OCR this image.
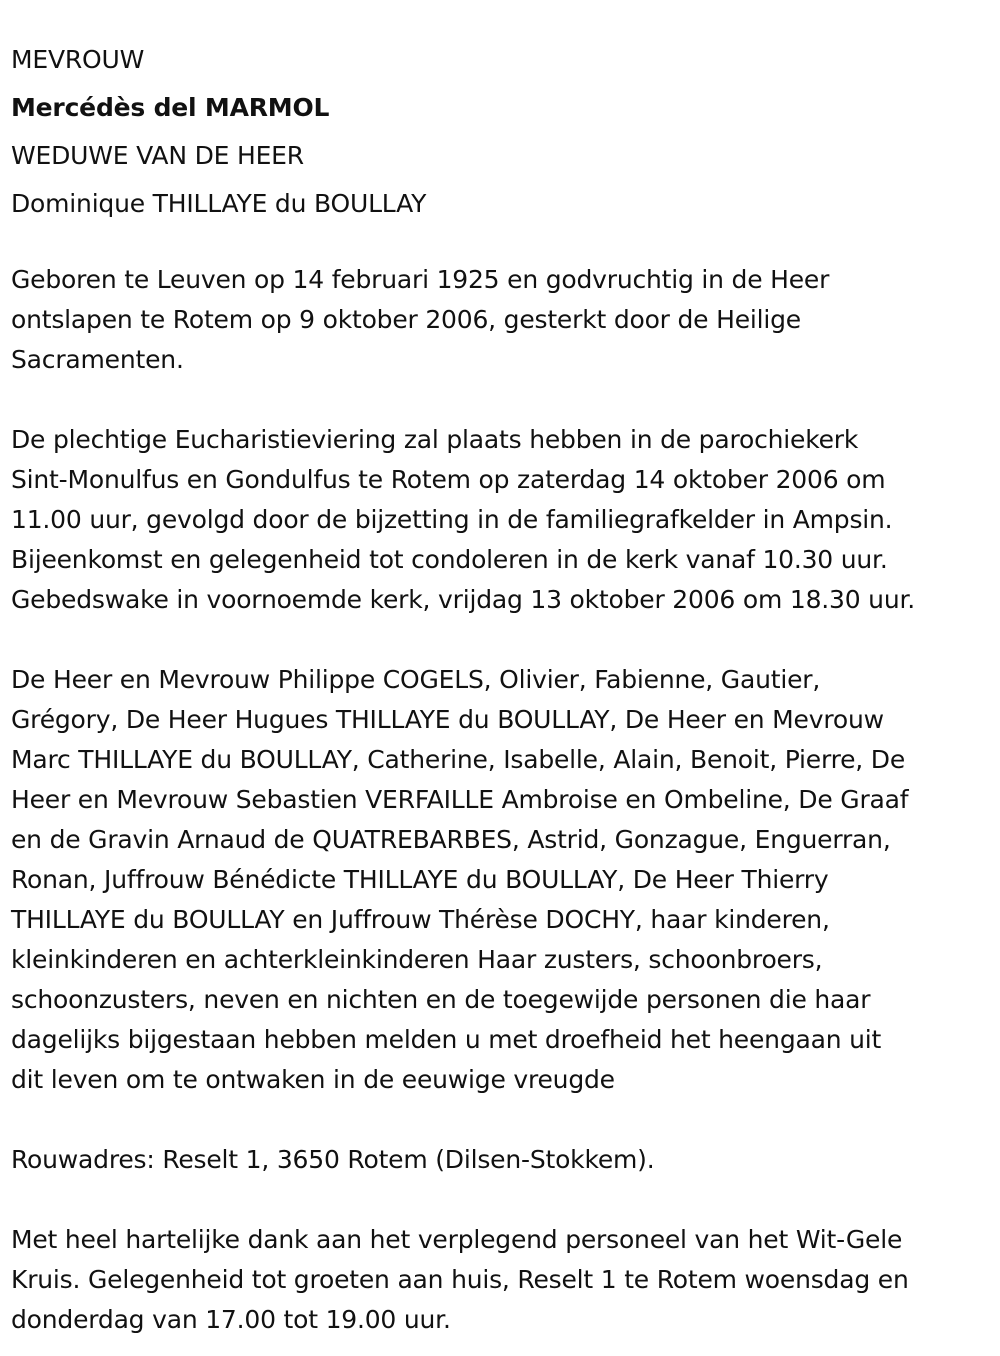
MEVROUW
Mercédès del MARMOL
WEDUWE VAN DE HEER
Dominique THILLAYE du BOULLAY

Geboren te Leuven op 14 februari 1925 en godvruchtig in de Heer
ontslapen te Rotem op 9 oktober 2006, gesterkt door de Heilige
Sacramenten.

De plechtige Eucharistieviering zal plaats hebben in de parochiekerk
Sint-Monulfus en Gondulfus te Rotem op zaterdag 14 oktober 2006 om
11.00 uur, gevolgd door de bijzetting in de familiegrafkelder in Ampsin.
Bijeenkomst en gelegenheid tot condoleren in de kerk vanaf 10.30 uur.
Gebedswake in voornoemde kerk, vrijdag 13 oktober 2006 om 18.30 uur.

De Heer en Mevrouw Philippe COGELS, Olivier, Fabienne, Gautier,
Grégory, De Heer Hugues THILLAYE du BOULLAY, De Heer en Mevrouw
Marc THILLAYE du BOULLAY, Catherine, Isabelle, Alain, Benoit, Pierre, De
Heer en Mevrouw Sebastien VERFAILLE Ambroise en Ombeline, De Graaf
en de Gravin Arnaud de QUATREBARBES, Astrid, Gonzague, Enguerran,
Ronan, Juffrouw Bénédicte THILLAYE du BOULLAY, De Heer Thierry
THILLAYE du BOULLAY en Juffrouw Thérèse DOCHY, haar kinderen,
kleinkinderen en achterkleinkinderen Haar zusters, schoonbroers,
schoonzusters, neven en nichten en de toegewijde personen die haar
dagelijks bijgestaan hebben melden u met droefheid het heengaan uit
dit leven om te ontwaken in de eeuwige vreugde

Rouwadres: Reselt 1, 3650 Rotem (Dilsen-Stokkem).

Met heel hartelijke dank aan het verplegend personeel van het Wit-Gele
Kruis. Gelegenheid tot groeten aan huis, Reselt 1 te Rotem woensdag en
donderdag van 17.00 tot 19.00 uur.
